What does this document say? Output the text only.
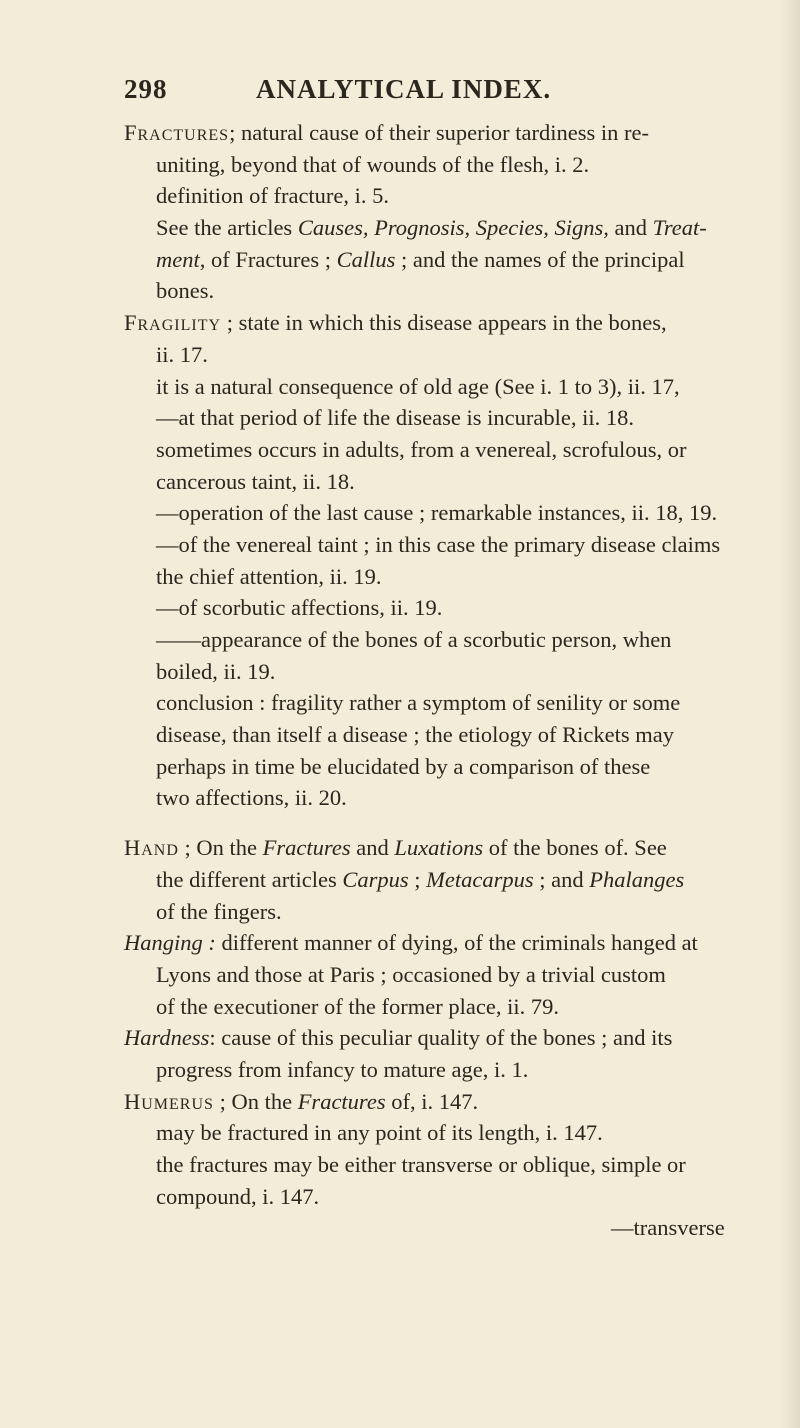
298	ANALYTICAL INDEX.
Fractures; natural cause of their superior tardiness in re-
uniting, beyond that of wounds of the flesh, i. 2.
definition of fracture, i. 5.
See the articles Causes, Prognosis, Species, Signs, and Treat-
ment, of Fractures ; Callus ; and the names of the principal
bones.
Fragility ; state in which this disease appears in the bones,
ii. 17.
it is a natural consequence of old age (See i. 1 to 3), ii. 17,
—at that period of life the disease is incurable, ii. 18.
sometimes occurs in adults, from a venereal, scrofulous, or
cancerous taint, ii. 18.
—operation of the last cause ; remarkable instances, ii. 18, 19.
—of the venereal taint ; in this case the primary disease claims
the chief attention, ii. 19.
—of scorbutic affections, ii. 19.
——appearance of the bones of a scorbutic person, when
boiled, ii. 19.
conclusion : fragility rather a symptom of senility or some
disease, than itself a disease ; the etiology of Rickets may
perhaps in time be elucidated by a comparison of these
two affections, ii. 20.
Hand ; On the Fractures and Luxations of the bones of. See
the different articles Carpus ; Metacarpus ; and Phalanges
of the fingers.
Hanging : different manner of dying, of the criminals hanged at
Lyons and those at Paris ; occasioned by a trivial custom
of the executioner of the former place, ii. 79.
Hardness: cause of this peculiar quality of the bones ; and its
progress from infancy to mature age, i. 1.
Humerus ; On the Fractures of, i. 147.
may be fractured in any point of its length, i. 147.
the fractures may be either transverse or oblique, simple or
compound, i. 147.
—transverse
